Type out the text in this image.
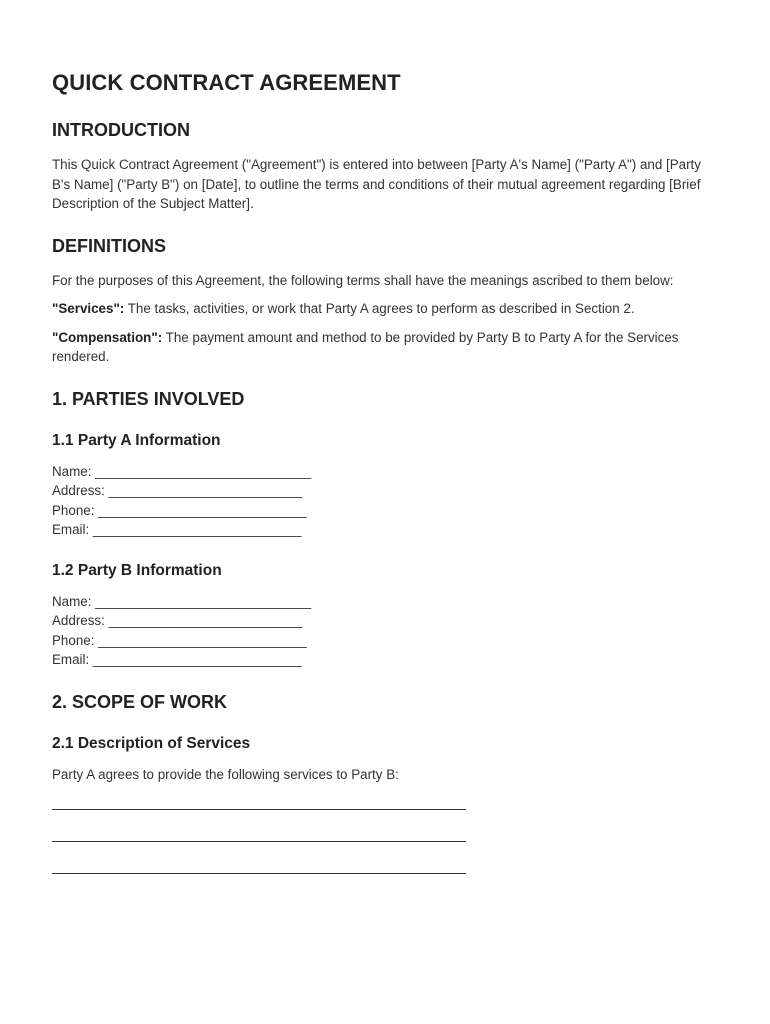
QUICK CONTRACT AGREEMENT
INTRODUCTION

This Quick Contract Agreement ("Agreement") is entered into between [Party A's Name] ("Party A") and [Party B's Name] ("Party B") on [Date], to outline the terms and conditions of their mutual agreement regarding [Brief Description of the Subject Matter].

DEFINITIONS

For the purposes of this Agreement, the following terms shall have the meanings ascribed to them below:

"Services": The tasks, activities, or work that Party A agrees to perform as described in Section 2.

"Compensation": The payment amount and method to be provided by Party B to Party A for the Services rendered.

1. PARTIES INVOLVED
1.1 Party A Information
Name: _____________________________
Address: __________________________
Phone: ____________________________
Email: ____________________________
1.2 Party B Information
Name: _____________________________
Address: __________________________
Phone: ____________________________
Email: ____________________________
2. SCOPE OF WORK
2.1 Description of Services

Party A agrees to provide the following services to Party B:
